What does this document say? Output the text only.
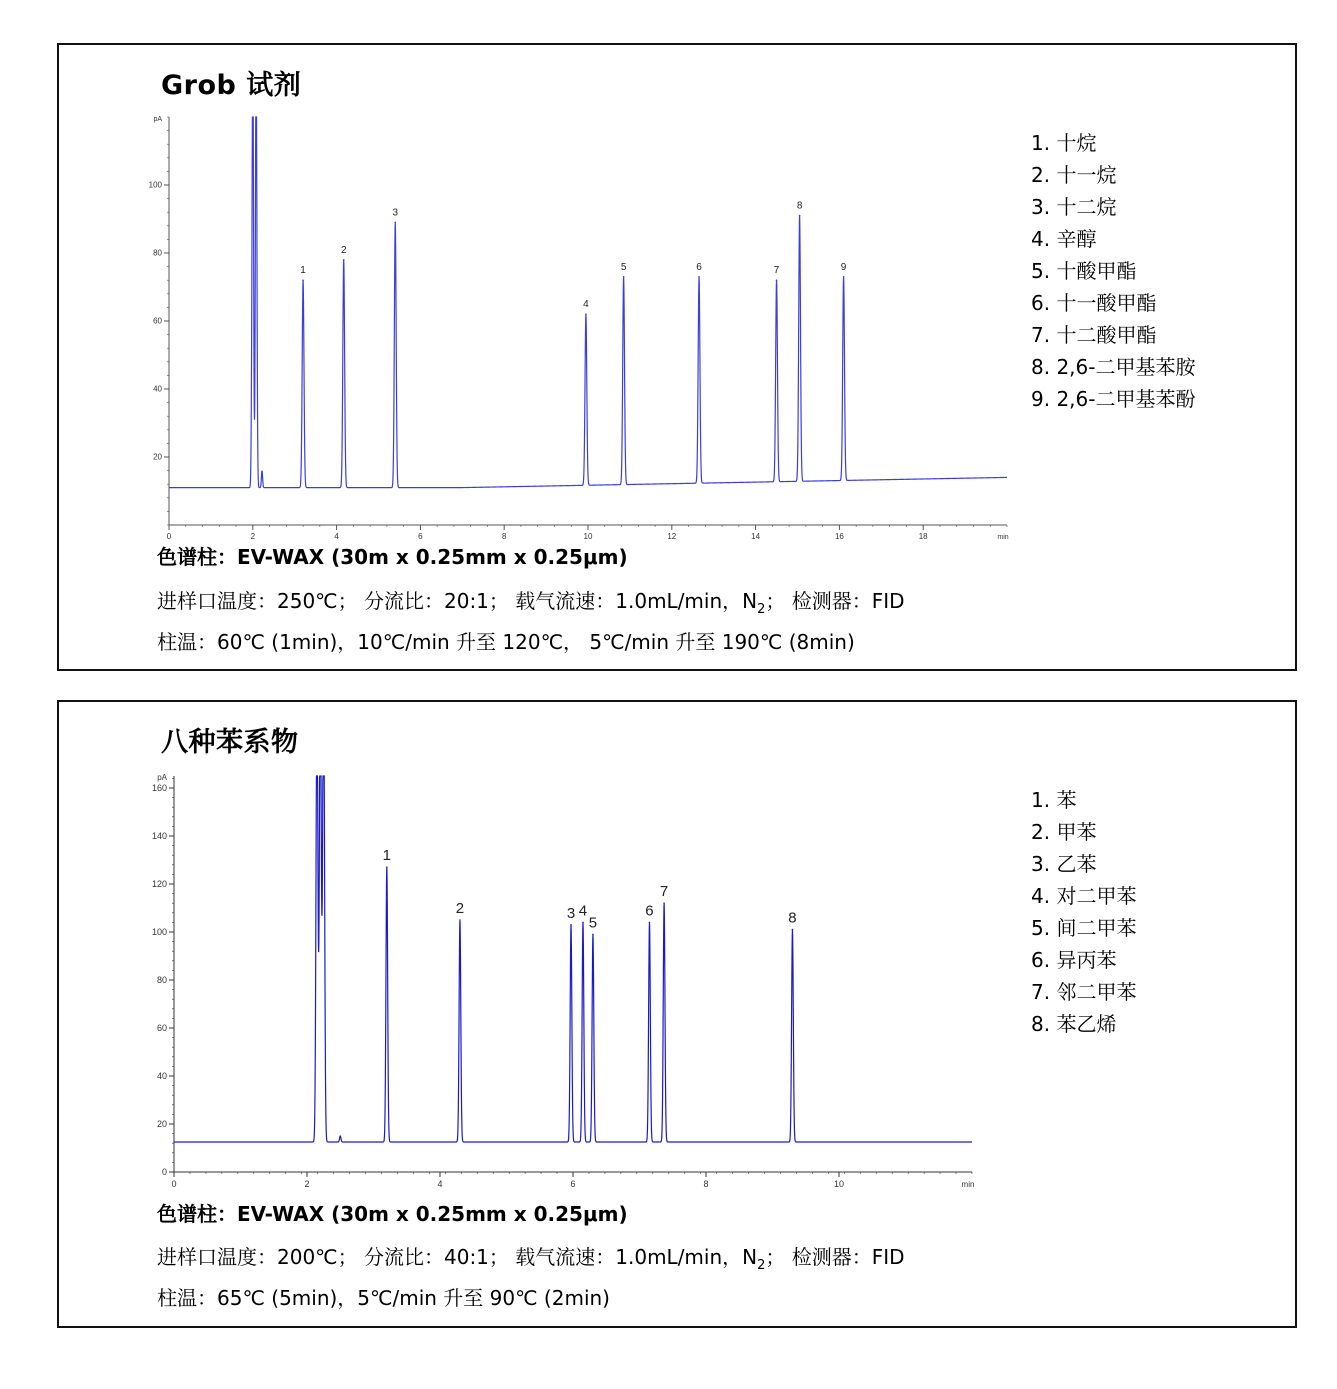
Grob 试剂
0	2	4	6	8	10	12	14	16	18	min
20
40
60
80
100
pA
1
2
3
4
5	6	7
8
9
1. 十烷
2. 十一烷
3. 十二烷
4. 辛醇
5. 十酸甲酯
6. 十一酸甲酯
7. 十二酸甲酯
8. 2,6-二甲基苯胺
9. 2,6-二甲基苯酚
色谱柱：EV-WAX (30m x 0.25mm x 0.25μm)
进样口温度：250℃； 分流比：20:1； 载气流速：1.0mL/min，$N_2$； 检测器：FID
柱温：60℃ (1min)，10℃/min 升至 120℃， 5℃/min 升至 190℃ (8min)
八种苯系物
0	2	4	6	8	10	min
0
20
40
60
80
100
120
140
160
pA
1
2	3 4
5
6
7
8
1. 苯
2. 甲苯
3. 乙苯
4. 对二甲苯
5. 间二甲苯
6. 异丙苯
7. 邻二甲苯
8. 苯乙烯
色谱柱：EV-WAX (30m x 0.25mm x 0.25μm)
进样口温度：200℃； 分流比：40:1； 载气流速：1.0mL/min，$N_2$； 检测器：FID
柱温：65℃ (5min)，5℃/min 升至 90℃ (2min)
